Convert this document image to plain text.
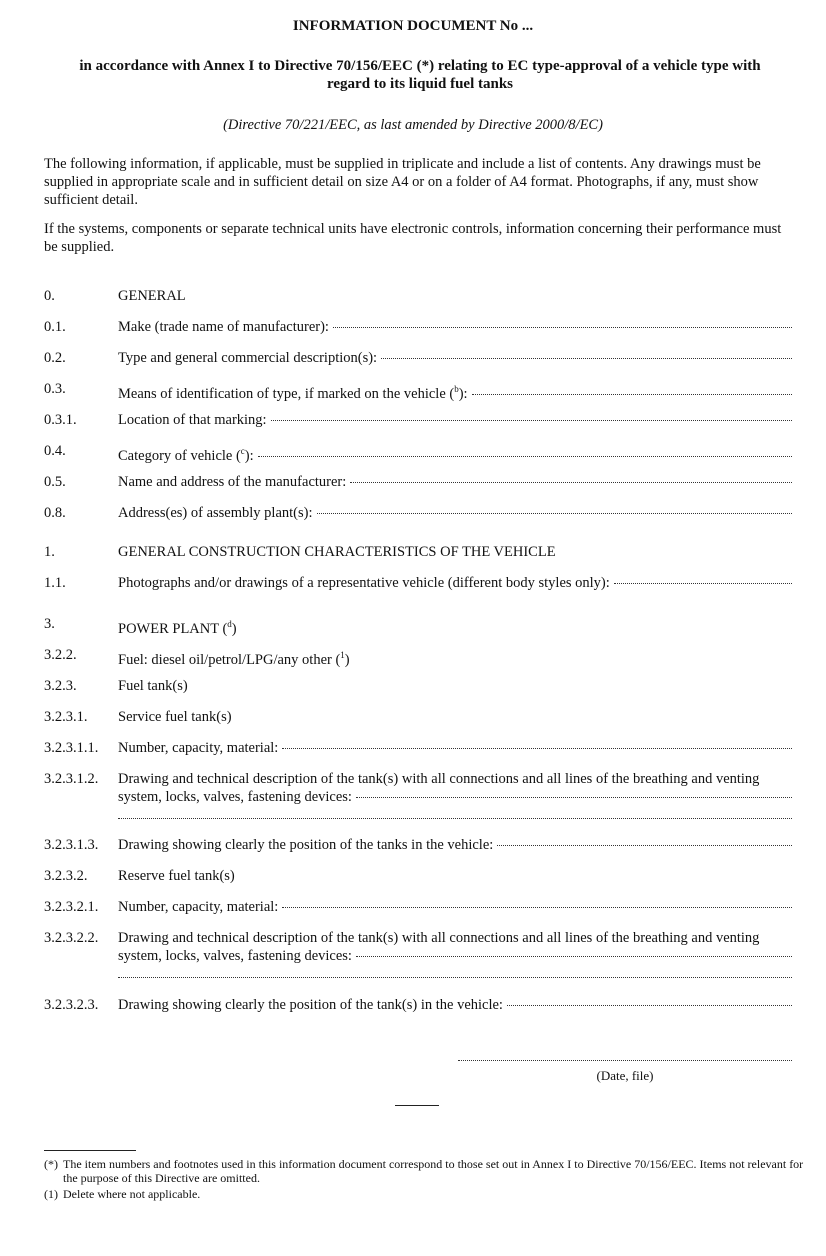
INFORMATION DOCUMENT No ...
in accordance with Annex I to Directive 70/156/EEC (*) relating to EC type-approval of a vehicle type with regard to its liquid fuel tanks
(Directive 70/221/EEC, as last amended by Directive 2000/8/EC)
The following information, if applicable, must be supplied in triplicate and include a list of contents. Any drawings must be supplied in appropriate scale and in sufficient detail on size A4 or on a folder of A4 format. Photographs, if any, must show sufficient detail.
If the systems, components or separate technical units have electronic controls, information concerning their performance must be supplied.
0.	GENERAL
0.1.	Make (trade name of manufacturer):
0.2.	Type and general commercial description(s):
0.3.	Means of identification of type, if marked on the vehicle ($^b$):
0.3.1.	Location of that marking:
0.4.	Category of vehicle ($^c$):
0.5.	Name and address of the manufacturer:
0.8.	Address(es) of assembly plant(s):
1.	GENERAL CONSTRUCTION CHARACTERISTICS OF THE VEHICLE
1.1.	Photographs and/or drawings of a representative vehicle (different body styles only):
3.	POWER PLANT ($^d$)
3.2.2.	Fuel: diesel oil/petrol/LPG/any other ($^1$)
3.2.3.	Fuel tank(s)
3.2.3.1.	Service fuel tank(s)
3.2.3.1.1.	Number, capacity, material:
3.2.3.1.2.	Drawing and technical description of the tank(s) with all connections and all lines of the breathing and venting
system, locks, valves, fastening devices:
3.2.3.1.3.	Drawing showing clearly the position of the tanks in the vehicle:
3.2.3.2.	Reserve fuel tank(s)
3.2.3.2.1.	Number, capacity, material:
3.2.3.2.2.	Drawing and technical description of the tank(s) with all connections and all lines of the breathing and venting
system, locks, valves, fastening devices:
3.2.3.2.3.	Drawing showing clearly the position of the tank(s) in the vehicle:
(Date, file)
(*) The item numbers and footnotes used in this information document correspond to those set out in Annex I to Directive 70/156/EEC. Items not relevant for the purpose of this Directive are omitted.
(1) Delete where not applicable.
